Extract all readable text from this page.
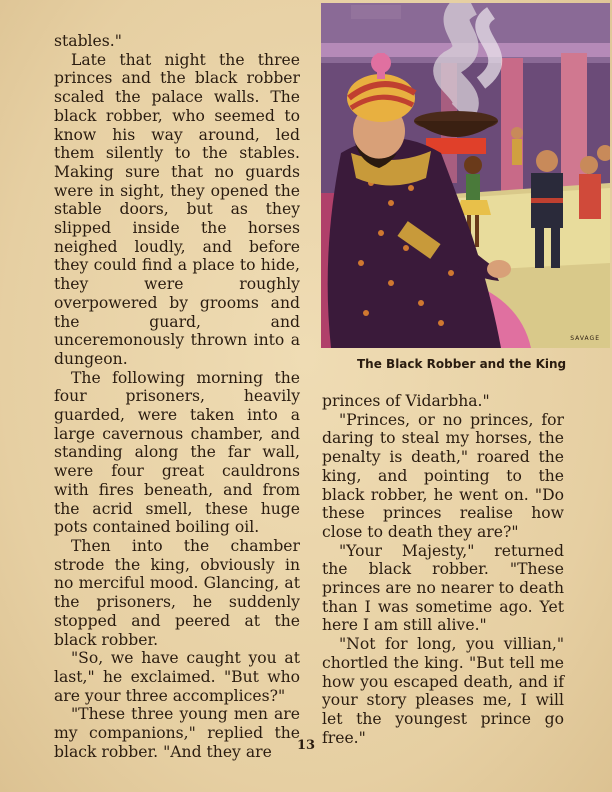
stables."

Late that night the three princes and the black robber scaled the palace walls. The black robber, who seemed to know his way around, led them silently to the stables. Making sure that no guards were in sight, they opened the stable doors, but as they slipped inside the horses neighed loudly, and before they could find a place to hide, they were roughly overpowered by grooms and the guard, and unceremonously thrown into a dungeon.

The following morning the four prisoners, heavily guarded, were taken into a large cavernous chamber, and standing along the far wall, were four great cauldrons with fires beneath, and from the acrid smell, these huge pots contained boiling oil.

Then into the chamber strode the king, obviously in no merciful mood. Glancing, at the prisoners, he suddenly stopped and peered at the black robber.

"So, we have caught you at last," he exclaimed. "But who are your three accomplices?"

"These three young men are my companions," replied the black robber. "And they are

SAVAGE
The Black Robber and the King

princes of Vidarbha."

"Princes, or no princes, for daring to steal my horses, the penalty is death," roared the king, and pointing to the black robber, he went on. "Do these princes realise how close to death they are?"

"Your Majesty," returned the black robber. "These princes are no nearer to death than I was sometime ago. Yet here I am still alive."

"Not for long, you villian," chortled the king. "But tell me how you escaped death, and if your story pleases me, I will let the youngest prince go free."

13
